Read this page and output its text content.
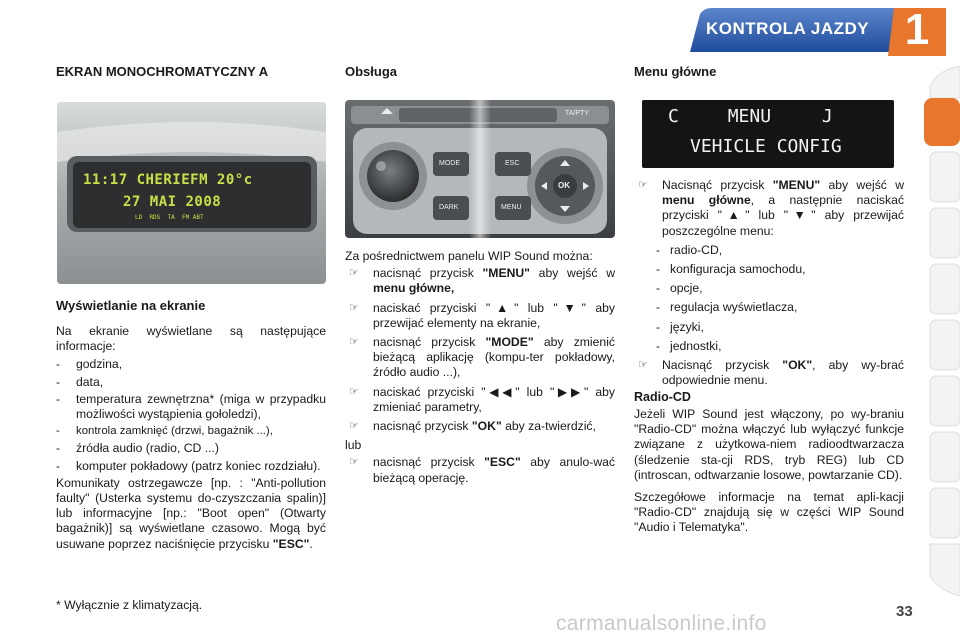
KONTROLA JAZDY 1
EKRAN MONOCHROMATYCZNY A
11:17 CHERIEFM 20°c
27 MAI 2008
LD  RDS  TA  FM ABT
Wyświetlanie na ekranie

Na ekranie wyświetlane są następujące informacje:

- godzina,
- data,
- temperatura zewnętrzna* (miga w przypadku możliwości wystąpienia gołoledzi),
- kontrola zamknięć (drzwi, bagażnik ...),
- źródła audio (radio, CD ...)
- komputer pokładowy (patrz koniec rozdziału).

Komunikaty ostrzegawcze [np. : "Anti-pollution faulty" (Usterka systemu do-czyszczania spalin)] lub informacyjne [np.: "Boot open" (Otwarty bagażnik)] są wyświetlane czasowo. Mogą być usuwane poprzez naciśnięcie przycisku "ESC".

* Wyłącznie z klimatyzacją.
Obsługa
TA/PTY
MODE
DARK
ESC
MENU
OK

Za pośrednictwem panelu WIP Sound można:

☞ nacisnąć przycisk "MENU" aby wejść w menu główne,
☞ naciskać przyciski "▲" lub "▼" aby przewijać elementy na ekranie,
☞ nacisnąć przycisk "MODE" aby zmienić bieżącą aplikację (kompu-ter pokładowy, źródło audio ...),
☞ naciskać przyciski "◀◀" lub "▶▶" aby zmieniać parametry,
☞ nacisnąć przycisk "OK" aby za-twierdzić,

lub

☞ nacisnąć przycisk "ESC" aby anulo-wać bieżącą operację.
Menu główne
C	MENU	J
VEHICLE CONFIG
☞ Nacisnąć przycisk "MENU" aby wejść w menu główne, a następnie naciskać przyciski "▲" lub "▼" aby przewijać poszczególne menu:
- radio-CD,
- konfiguracja samochodu,
- opcje,
- regulacja wyświetlacza,
- języki,
- jednostki,
☞ Nacisnąć przycisk "OK", aby wy-brać odpowiednie menu.
Radio-CD

Jeżeli WIP Sound jest włączony, po wy-braniu "Radio-CD" można włączyć lub wyłączyć funkcje związane z użytkowa-niem radioodtwarzacza (śledzenie sta-cji RDS, tryb REG) lub CD (introscan, odtwarzanie losowe, powtarzanie CD).

Szczegółowe informacje na temat apli-kacji "Radio-CD" znajdują się w części WIP Sound "Audio i Telematyka".

33
carmanualsonline.info
